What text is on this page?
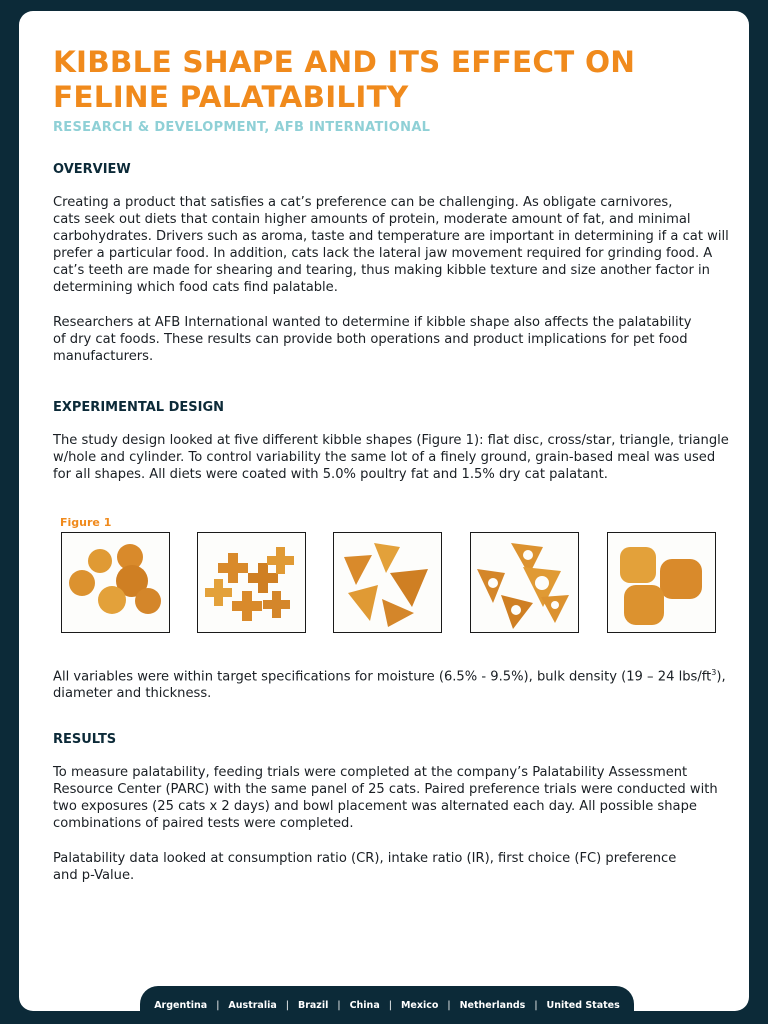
KIBBLE SHAPE AND ITS EFFECT ON
FELINE PALATABILITY
RESEARCH & DEVELOPMENT, AFB INTERNATIONAL
OVERVIEW

Creating a product that satisfies a cat’s preference can be challenging. As obligate carnivores,
cats seek out diets that contain higher amounts of protein, moderate amount of fat, and minimal
carbohydrates. Drivers such as aroma, taste and temperature are important in determining if a cat will
prefer a particular food. In addition, cats lack the lateral jaw movement required for grinding food. A
cat’s teeth are made for shearing and tearing, thus making kibble texture and size another factor in
determining which food cats find palatable.

Researchers at AFB International wanted to determine if kibble shape also affects the palatability
of dry cat foods. These results can provide both operations and product implications for pet food
manufacturers.

EXPERIMENTAL DESIGN

The study design looked at five different kibble shapes (Figure 1): flat disc, cross/star, triangle, triangle
w/hole and cylinder. To control variability the same lot of a finely ground, grain-based meal was used
for all shapes. All diets were coated with 5.0% poultry fat and 1.5% dry cat palatant.

Figure 1

All variables were within target specifications for moisture (6.5% - 9.5%), bulk density (19 – 24 lbs/$ft^3$),
diameter and thickness.

RESULTS

To measure palatability, feeding trials were completed at the company’s Palatability Assessment
Resource Center (PARC) with the same panel of 25 cats. Paired preference trials were conducted with
two exposures (25 cats x 2 days) and bowl placement was alternated each day. All possible shape
combinations of paired tests were completed.

Palatability data looked at consumption ratio (CR), intake ratio (IR), first choice (FC) preference
and p-Value.

Argentina | Australia | Brazil | China | Mexico | Netherlands | United States
